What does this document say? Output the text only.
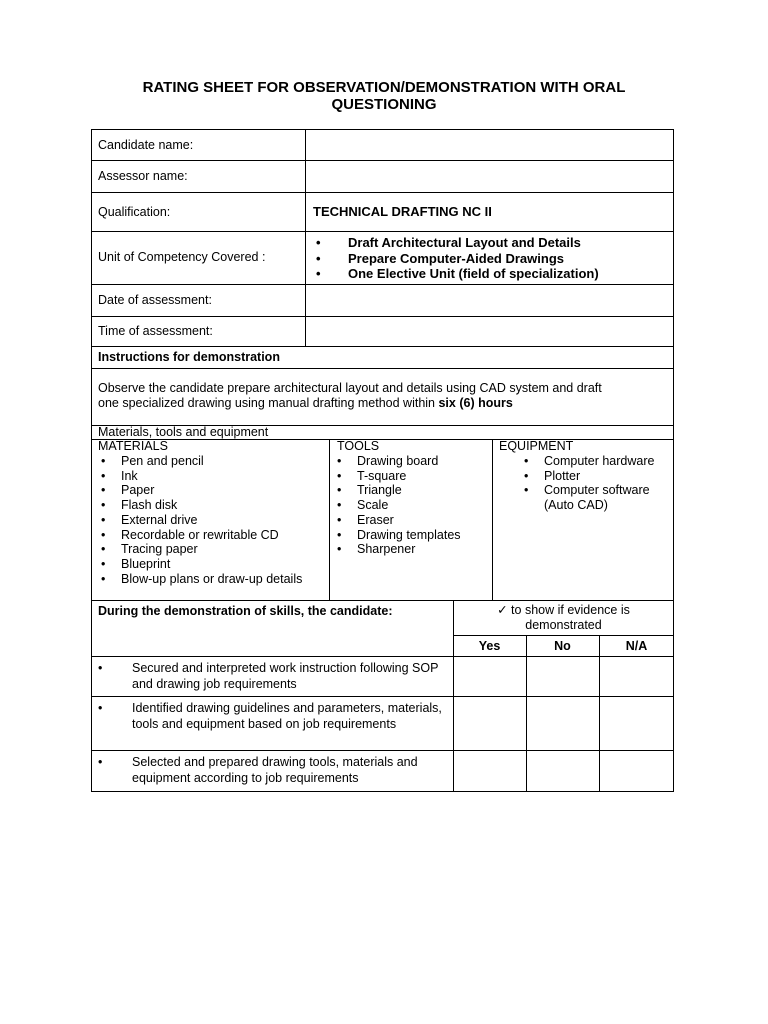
RATING SHEET FOR OBSERVATION/DEMONSTRATION WITH ORAL
QUESTIONING
Candidate name:
Assessor name:
Qualification:	TECHNICAL DRAFTING NC II
Unit of Competency Covered :
• Draft Architectural Layout and Details
• Prepare Computer-Aided Drawings
• One Elective Unit (field of specialization)
Date of assessment:
Time of assessment:
Instructions for demonstration
Observe the candidate prepare architectural layout and details using CAD system and draft
one specialized drawing using manual drafting method within six (6) hours
Materials, tools and equipment
MATERIALS
• Pen and pencil
• Ink
• Paper
• Flash disk
• External drive
• Recordable or rewritable CD
• Tracing paper
• Blueprint
• Blow-up plans or draw-up details
TOOLS
• Drawing board
• T-square
• Triangle
• Scale
• Eraser
• Drawing templates
• Sharpener
EQUIPMENT
• Computer hardware
• Plotter
• Computer software
(Auto CAD)
During the demonstration of skills, the candidate:	✓ to show if evidence is
demonstrated
Yes	No	N/A
• Secured and interpreted work instruction following SOP and drawing job requirements
• Identified drawing guidelines and parameters, materials, tools and equipment based on job requirements
• Selected and prepared drawing tools, materials and equipment according to job requirements
